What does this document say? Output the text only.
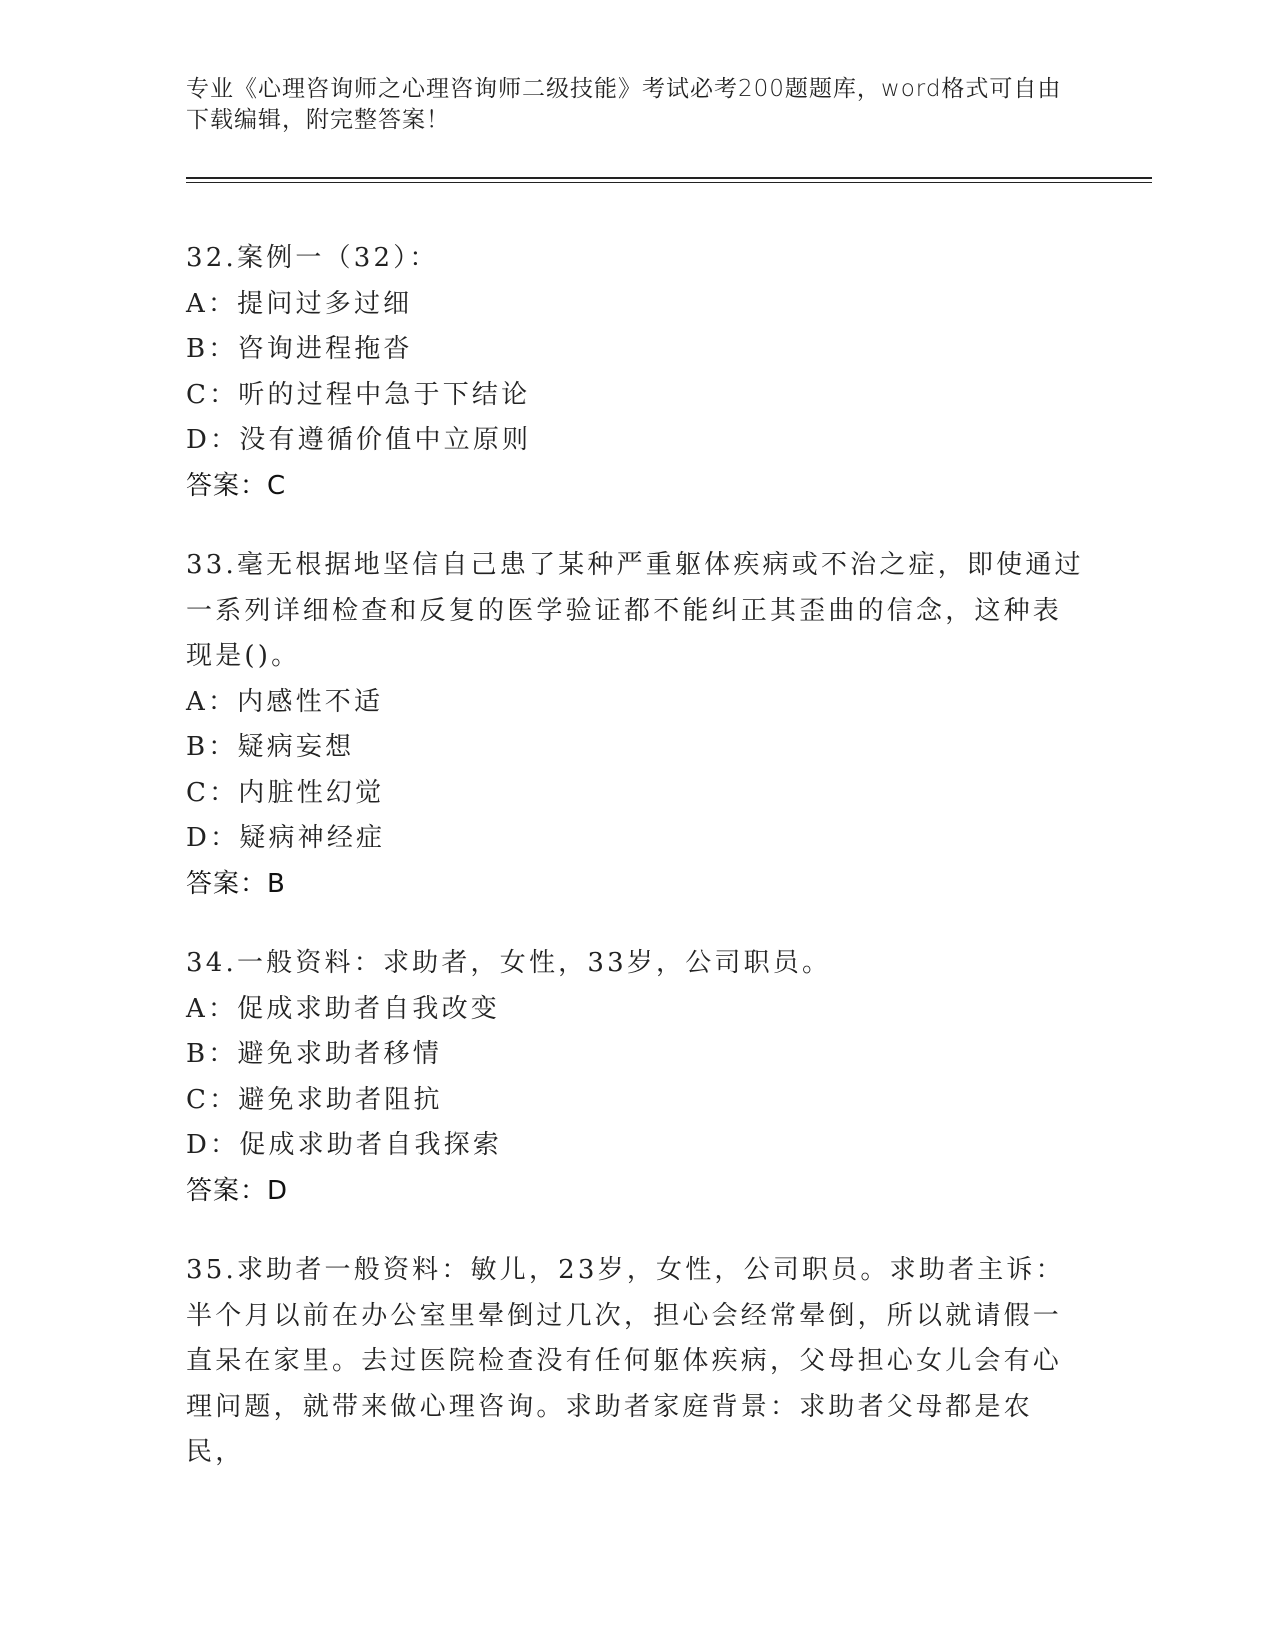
专业《心理咨询师之心理咨询师二级技能》考试必考200题题库，word格式可自由下载编辑，附完整答案！
32.案例一（32）：
A：提问过多过细
B：咨询进程拖沓
C：听的过程中急于下结论
D：没有遵循价值中立原则
答案：C
33.毫无根据地坚信自己患了某种严重躯体疾病或不治之症，即使通过一系列详细检查和反复的医学验证都不能纠正其歪曲的信念，这种表现是()。
A：内感性不适
B：疑病妄想
C：内脏性幻觉
D：疑病神经症
答案：B
34.一般资料：求助者，女性，33岁，公司职员。
A：促成求助者自我改变
B：避免求助者移情
C：避免求助者阻抗
D：促成求助者自我探索
答案：D
35.求助者一般资料：敏儿，23岁，女性，公司职员。求助者主诉：半个月以前在办公室里晕倒过几次，担心会经常晕倒，所以就请假一直呆在家里。去过医院检查没有任何躯体疾病，父母担心女儿会有心理问题，就带来做心理咨询。求助者家庭背景：求助者父母都是农民，
